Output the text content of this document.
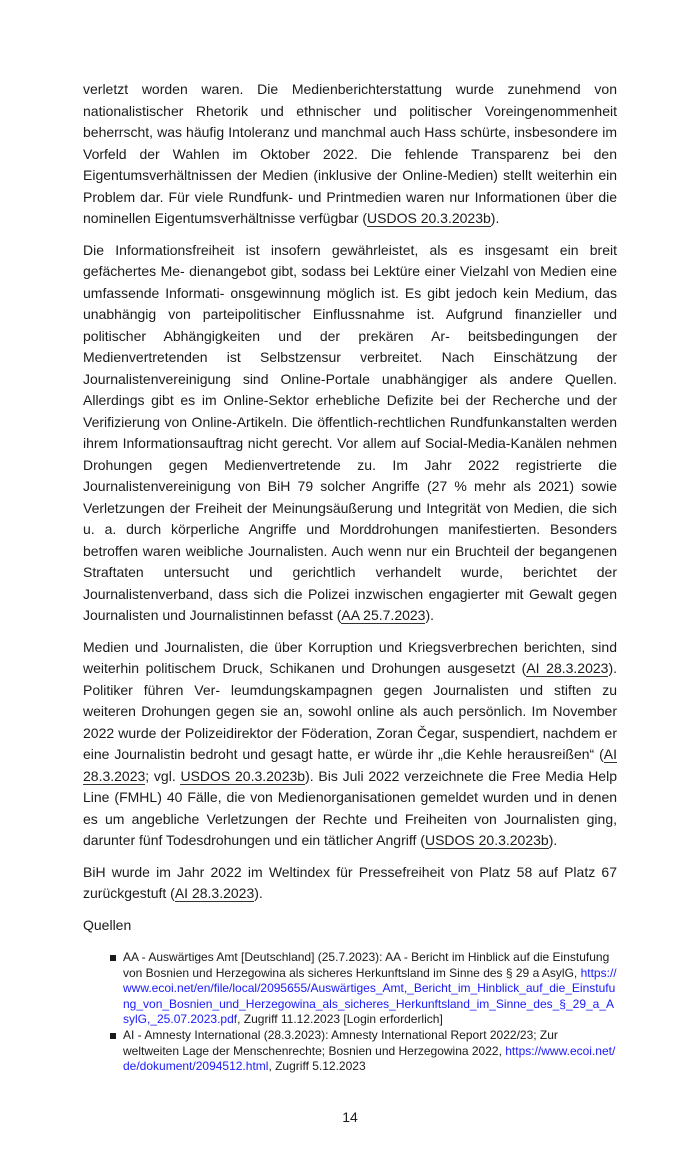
verletzt worden waren. Die Medienberichterstattung wurde zunehmend von nationalistischer Rhetorik und ethnischer und politischer Voreingenommenheit beherrscht, was häufig Intoleranz und manchmal auch Hass schürte, insbesondere im Vorfeld der Wahlen im Oktober 2022. Die fehlende Transparenz bei den Eigentumsverhältnissen der Medien (inklusive der Online-Medien) stellt weiterhin ein Problem dar. Für viele Rundfunk- und Printmedien waren nur Informationen über die nominellen Eigentumsverhältnisse verfügbar (USDOS 20.3.2023b).

Die Informationsfreiheit ist insofern gewährleistet, als es insgesamt ein breit gefächertes Me- dienangebot gibt, sodass bei Lektüre einer Vielzahl von Medien eine umfassende Informati- onsgewinnung möglich ist. Es gibt jedoch kein Medium, das unabhängig von parteipolitischer Einflussnahme ist. Aufgrund finanzieller und politischer Abhängigkeiten und der prekären Ar- beitsbedingungen der Medienvertretenden ist Selbstzensur verbreitet. Nach Einschätzung der Journalistenvereinigung sind Online-Portale unabhängiger als andere Quellen. Allerdings gibt es im Online-Sektor erhebliche Defizite bei der Recherche und der Verifizierung von Online-Artikeln. Die öffentlich-rechtlichen Rundfunkanstalten werden ihrem Informationsauftrag nicht gerecht. Vor allem auf Social-Media-Kanälen nehmen Drohungen gegen Medienvertretende zu. Im Jahr 2022 registrierte die Journalistenvereinigung von BiH 79 solcher Angriffe (27 % mehr als 2021) sowie Verletzungen der Freiheit der Meinungsäußerung und Integrität von Medien, die sich u. a. durch körperliche Angriffe und Morddrohungen manifestierten. Besonders betroffen waren weibliche Journalisten. Auch wenn nur ein Bruchteil der begangenen Straftaten untersucht und gerichtlich verhandelt wurde, berichtet der Journalistenverband, dass sich die Polizei inzwischen engagierter mit Gewalt gegen Journalisten und Journalistinnen befasst (AA 25.7.2023).

Medien und Journalisten, die über Korruption und Kriegsverbrechen berichten, sind weiterhin politischem Druck, Schikanen und Drohungen ausgesetzt (AI 28.3.2023). Politiker führen Ver- leumdungskampagnen gegen Journalisten und stiften zu weiteren Drohungen gegen sie an, sowohl online als auch persönlich. Im November 2022 wurde der Polizeidirektor der Föderation, Zoran Čegar, suspendiert, nachdem er eine Journalistin bedroht und gesagt hatte, er würde ihr „die Kehle herausreißen“ (AI 28.3.2023; vgl. USDOS 20.3.2023b). Bis Juli 2022 verzeichnete die Free Media Help Line (FMHL) 40 Fälle, die von Medienorganisationen gemeldet wurden und in denen es um angebliche Verletzungen der Rechte und Freiheiten von Journalisten ging, darunter fünf Todesdrohungen und ein tätlicher Angriff (USDOS 20.3.2023b).

BiH wurde im Jahr 2022 im Weltindex für Pressefreiheit von Platz 58 auf Platz 67 zurückgestuft (AI 28.3.2023).

Quellen
AA - Auswärtiges Amt [Deutschland] (25.7.2023): AA - Bericht im Hinblick auf die Einstufung von Bosnien und Herzegowina als sicheres Herkunftsland im Sinne des § 29 a AsylG, https://www.ecoi.net/en/file/local/2095655/Auswärtiges_Amt,_Bericht_im_Hinblick_auf_die_Einstufung_von_Bosnien_und_Herzegowina_als_sicheres_Herkunftsland_im_Sinne_des_§_29_a_AsylG,_25.07.2023.pdf, Zugriff 11.12.2023 [Login erforderlich]
AI - Amnesty International (28.3.2023): Amnesty International Report 2022/23; Zur weltweiten Lage der Menschenrechte; Bosnien und Herzegowina 2022, https://www.ecoi.net/de/dokument/2094512.html, Zugriff 5.12.2023
14
